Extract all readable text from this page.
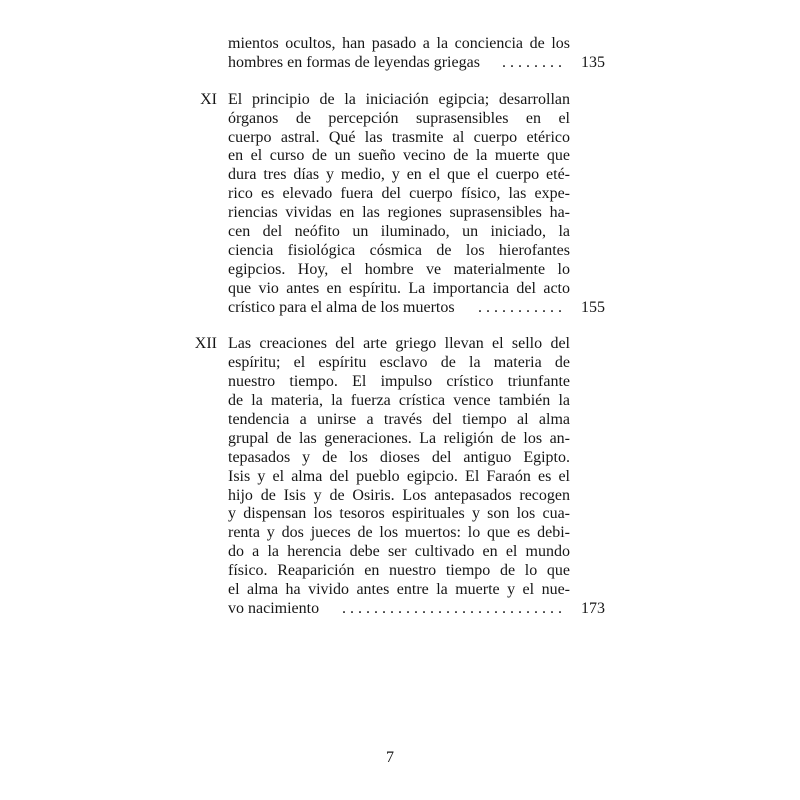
mientos ocultos, han pasado a la conciencia de los
hombres en formas de leyendas griegas	. . . . . . . .	135
XI El principio de la iniciación egipcia; desarrollan
órganos de percepción suprasensibles en el
cuerpo astral. Qué las trasmite al cuerpo etérico
en el curso de un sueño vecino de la muerte que
dura tres días y medio, y en el que el cuerpo eté-
rico es elevado fuera del cuerpo físico, las expe-
riencias vividas en las regiones suprasensibles ha-
cen del neófito un iluminado, un iniciado, la
ciencia fisiológica cósmica de los hierofantes
egipcios. Hoy, el hombre ve materialmente lo
que vio antes en espíritu. La importancia del acto
crístico para el alma de los muertos	. . . . . . . . . . .	155
XII Las creaciones del arte griego llevan el sello del
espíritu; el espíritu esclavo de la materia de
nuestro tiempo. El impulso crístico triunfante
de la materia, la fuerza crística vence también la
tendencia a unirse a través del tiempo al alma
grupal de las generaciones. La religión de los an-
tepasados y de los dioses del antiguo Egipto.
Isis y el alma del pueblo egipcio. El Faraón es el
hijo de Isis y de Osiris. Los antepasados recogen
y dispensan los tesoros espirituales y son los cua-
renta y dos jueces de los muertos: lo que es debi-
do a la herencia debe ser cultivado en el mundo
físico. Reaparición en nuestro tiempo de lo que
el alma ha vivido antes entre la muerte y el nue-
vo nacimiento	. . . . . . . . . . . . . . . . . . . . . . . . . . . .	173
7
